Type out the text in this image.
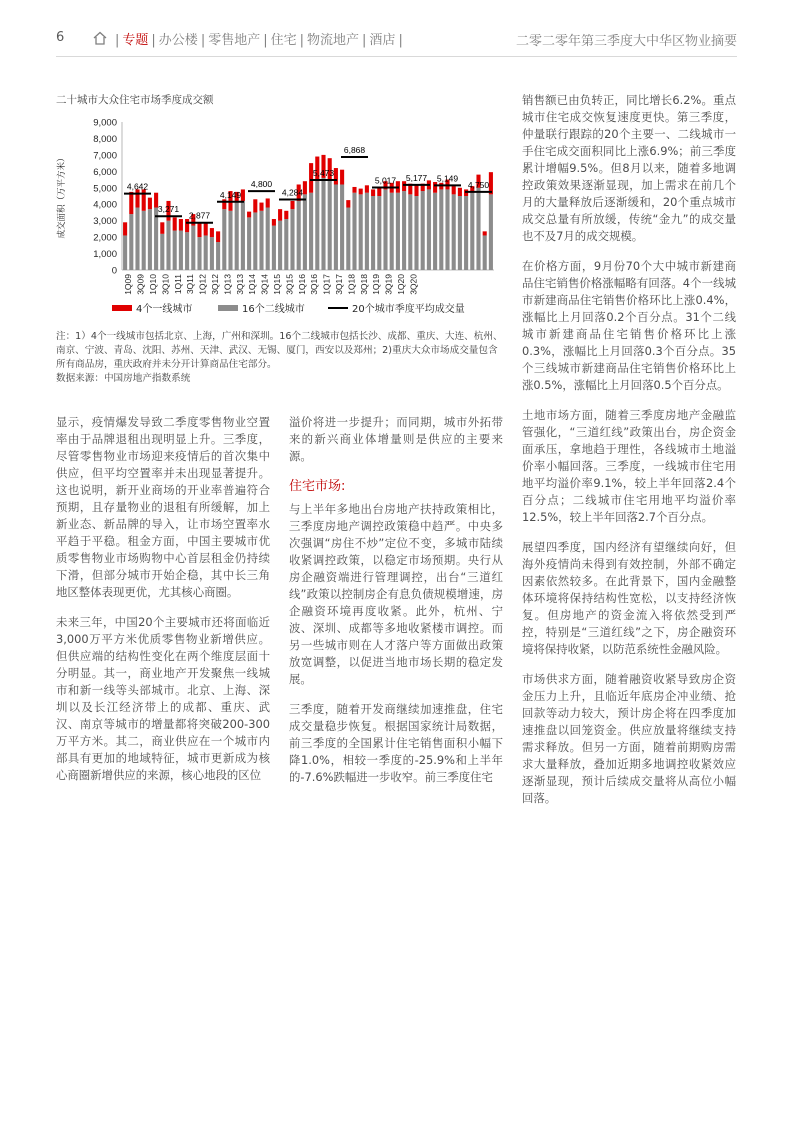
6	| 专题 | 办公楼 | 零售地产 | 住宅 | 物流地产 | 酒店 |	二零二零年第三季度大中华区物业摘要
二十城市大众住宅市场季度成交额
0
1,000
2,000
3,000
4,000
5,000
6,000
7,000
8,000
9,000
成交面积（万平方米）	4,642
3,271
2,877
4,149
4,800
4,284
5,473
6,868
5,017 5,177 5,149
4,750
1Q09 3Q09 1Q10 3Q10 1Q11 3Q11 1Q12 3Q12 1Q13 3Q13 1Q14 3Q14 1Q15 3Q15 1Q16 3Q16 1Q17 3Q17 1Q18 3Q18 1Q19 3Q19 1Q20 3Q20
4个一线城市	16个二线城市	20个城市季度平均成交量
注：1）4个一线城市包括北京、上海，广州和深圳。16个二线城市包括长沙、成都、重庆、大连、杭州、南京、宁波、青岛、沈阳、苏州、天津、武汉、无锡、厦门，西安以及郑州；2)重庆大众市场成交量包含所有商品房，重庆政府并未分开计算商品住宅部分。
数据来源：中国房地产指数系统

显示，疫情爆发导致二季度零售物业空置率由于品牌退租出现明显上升。三季度，尽管零售物业市场迎来疫情后的首次集中供应，但平均空置率并未出现显著提升。这也说明，新开业商场的开业率普遍符合预期，且存量物业的退租有所缓解，加上新业态、新品牌的导入，让市场空置率水平趋于平稳。租金方面，中国主要城市优质零售物业市场购物中心首层租金仍持续下滑，但部分城市开始企稳，其中长三角地区整体表现更优，尤其核心商圈。

未来三年，中国20个主要城市还将面临近3,000万平方米优质零售物业新增供应。但供应端的结构性变化在两个维度层面十分明显。其一，商业地产开发聚焦一线城市和新一线等头部城市。北京、上海、深圳以及长江经济带上的成都、重庆、武汉、南京等城市的增量都将突破200-300万平方米。其二，商业供应在一个城市内部具有更加的地域特征，城市更新成为核心商圈新增供应的来源，核心地段的区位

溢价将进一步提升；而同期，城市外拓带来的新兴商业体增量则是供应的主要来源。

住宅市场:

与上半年多地出台房地产扶持政策相比，三季度房地产调控政策稳中趋严。中央多次强调“房住不炒”定位不变，多城市陆续收紧调控政策，以稳定市场预期。央行从房企融资端进行管理调控，出台“三道红线”政策以控制房企有息负债规模增速，房企融资环境再度收紧。此外，杭州、宁波、深圳、成都等多地收紧楼市调控。而另一些城市则在人才落户等方面做出政策放宽调整，以促进当地市场长期的稳定发展。

三季度，随着开发商继续加速推盘，住宅成交量稳步恢复。根据国家统计局数据，前三季度的全国累计住宅销售面积小幅下降1.0%，相较一季度的-25.9%和上半年的-7.6%跌幅进一步收窄。前三季度住宅

销售额已由负转正，同比增长6.2%。重点城市住宅成交恢复速度更快。第三季度，仲量联行跟踪的20个主要一、二线城市一手住宅成交面积同比上涨6.9%；前三季度累计增幅9.5%。但8月以来，随着多地调控政策效果逐渐显现，加上需求在前几个月的大量释放后逐渐缓和，20个重点城市成交总量有所放缓，传统“金九”的成交量也不及7月的成交规模。

在价格方面，9月份70个大中城市新建商品住宅销售价格涨幅略有回落。4个一线城市新建商品住宅销售价格环比上涨0.4%，涨幅比上月回落0.2个百分点。31个二线城市新建商品住宅销售价格环比上涨0.3%，涨幅比上月回落0.3个百分点。35个三线城市新建商品住宅销售价格环比上涨0.5%，涨幅比上月回落0.5个百分点。

土地市场方面，随着三季度房地产金融监管强化，“三道红线”政策出台，房企资金面承压，拿地趋于理性，各线城市土地溢价率小幅回落。三季度，一线城市住宅用地平均溢价率9.1%，较上半年回落2.4个百分点；二线城市住宅用地平均溢价率12.5%，较上半年回落2.7个百分点。

展望四季度，国内经济有望继续向好，但海外疫情尚未得到有效控制，外部不确定因素依然较多。在此背景下，国内金融整体环境将保持结构性宽松，以支持经济恢复。但房地产的资金流入将依然受到严控，特别是“三道红线”之下，房企融资环境将保持收紧，以防范系统性金融风险。

市场供求方面，随着融资收紧导致房企资金压力上升，且临近年底房企冲业绩、抢回款等动力较大，预计房企将在四季度加速推盘以回笼资金。供应放量将继续支持需求释放。但另一方面，随着前期购房需求大量释放，叠加近期多地调控收紧效应逐渐显现，预计后续成交量将从高位小幅回落。
